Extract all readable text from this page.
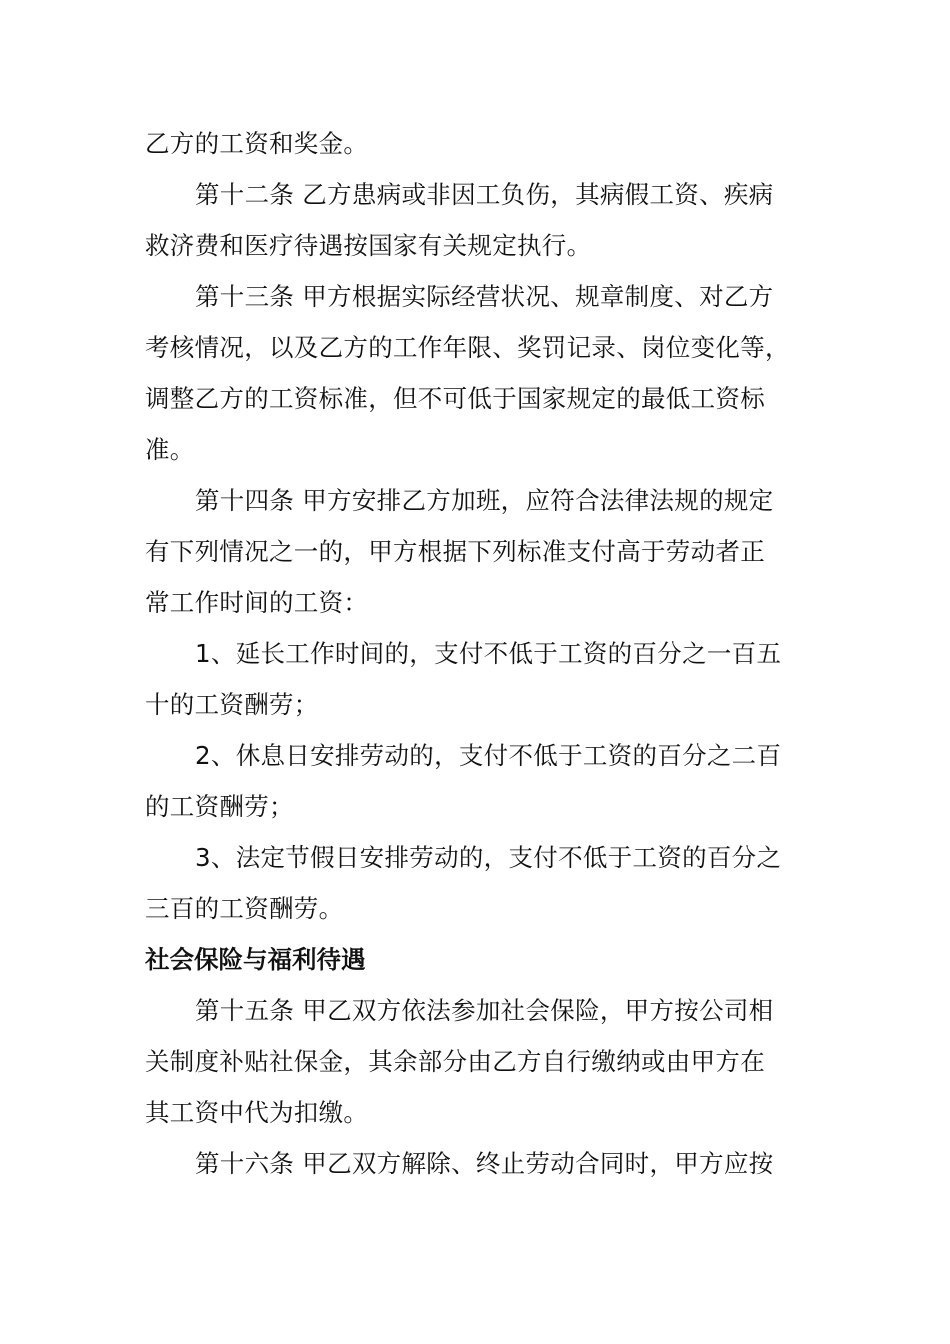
乙方的工资和奖金。
第十二条 乙方患病或非因工负伤，其病假工资、疾病
救济费和医疗待遇按国家有关规定执行。
第十三条 甲方根据实际经营状况、规章制度、对乙方
考核情况，以及乙方的工作年限、奖罚记录、岗位变化等，
调整乙方的工资标准，但不可低于国家规定的最低工资标
准。
第十四条 甲方安排乙方加班，应符合法律法规的规定
有下列情况之一的，甲方根据下列标准支付高于劳动者正
常工作时间的工资：
1、延长工作时间的，支付不低于工资的百分之一百五
十的工资酬劳；
2、休息日安排劳动的，支付不低于工资的百分之二百
的工资酬劳；
3、法定节假日安排劳动的，支付不低于工资的百分之
三百的工资酬劳。
社会保险与福利待遇
第十五条 甲乙双方依法参加社会保险，甲方按公司相
关制度补贴社保金，其余部分由乙方自行缴纳或由甲方在
其工资中代为扣缴。
第十六条 甲乙双方解除、终止劳动合同时，甲方应按
